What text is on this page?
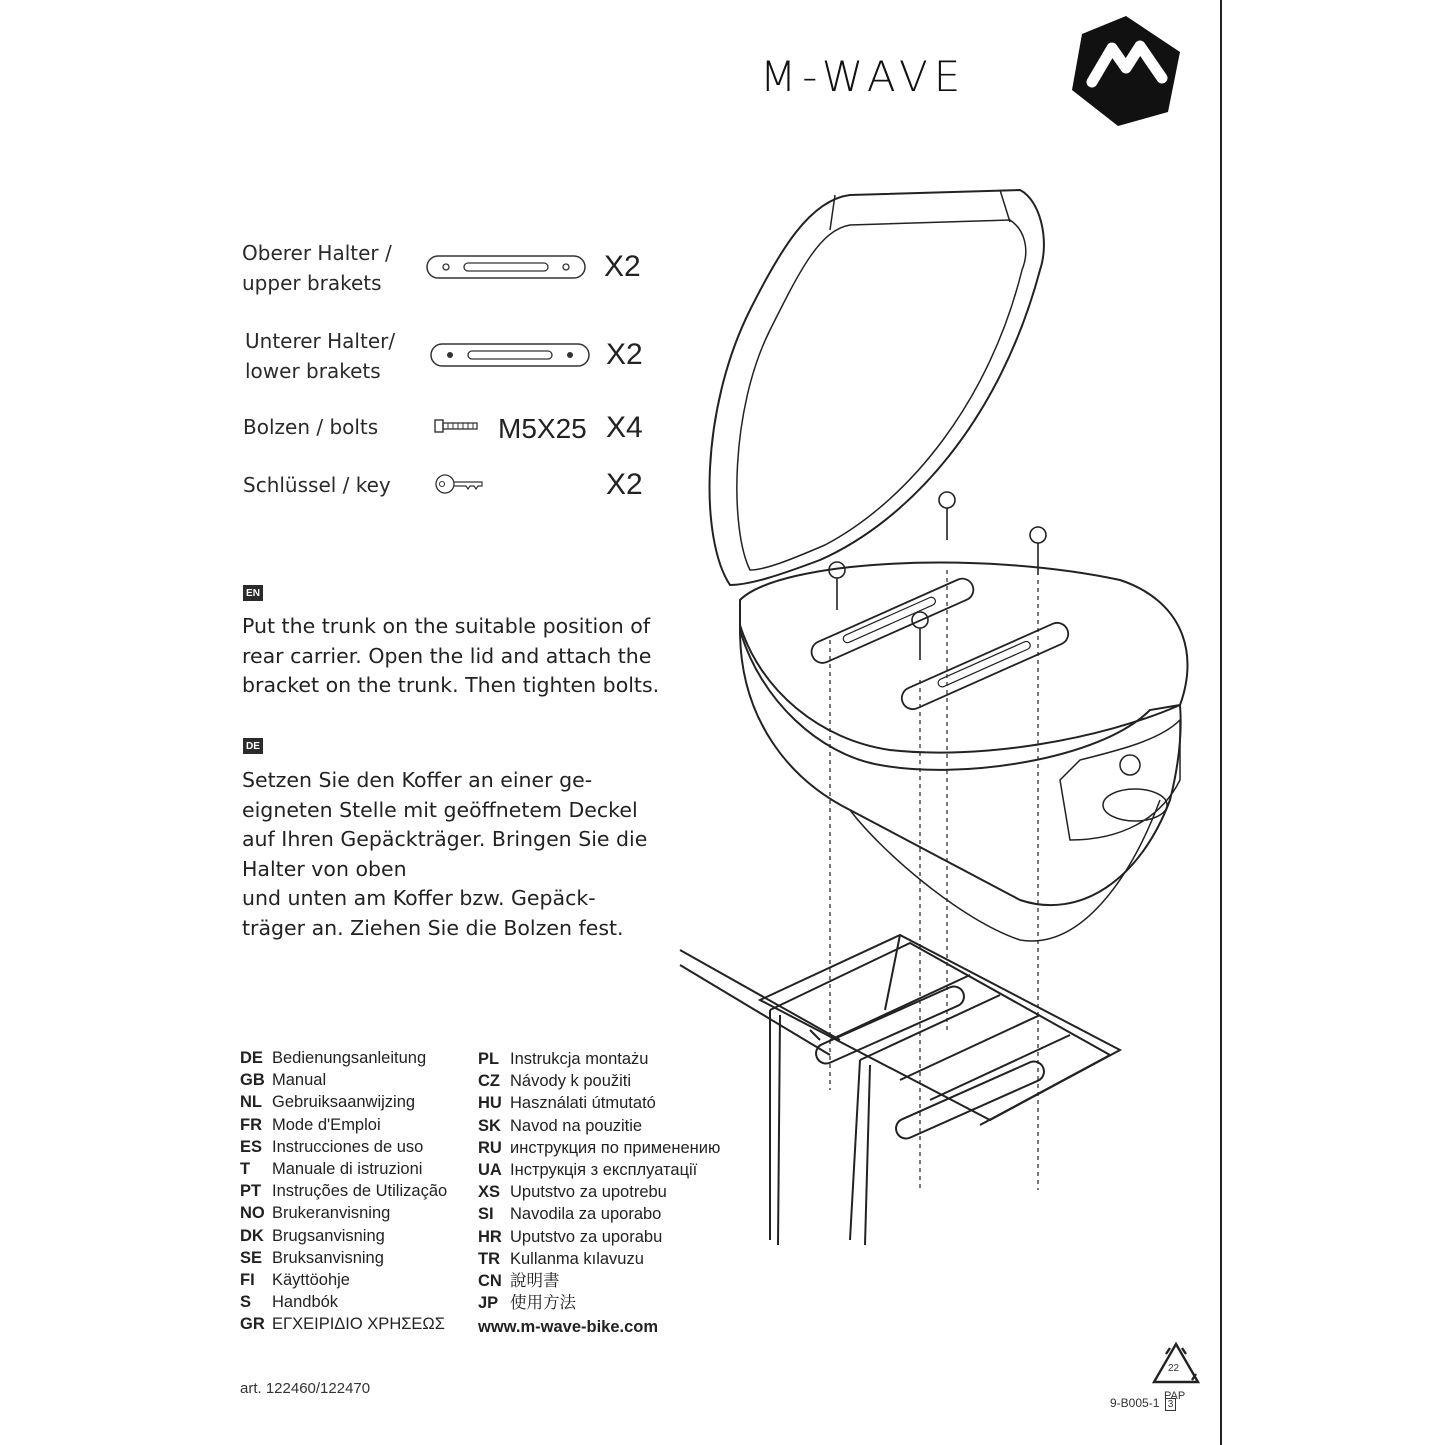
M-WAVE
Oberer Halter /
upper brakets	X2
Unterer Halter/
lower brakets	X2
Bolzen / bolts	M5X25 X4
Schlüssel / key	X2
EN

Put the trunk on the suitable position of

rear carrier. Open the lid and attach the

bracket on the trunk. Then tighten bolts.

DE

Setzen Sie den Koffer an einer ge-

eigneten Stelle mit geöffnetem Deckel

auf Ihren Gepäckträger. Bringen Sie die

Halter von oben

und unten am Koffer bzw. Gepäck-

träger an. Ziehen Sie die Bolzen fest.

DE Bedienungsanleitung
GB Manual
NL Gebruiksaanwijzing
FR Mode d'Emploi
ES Instrucciones de uso
T	Manuale di istruzioni
PT Instruções de Utilização
NO Brukeranvisning
DK Brugsanvisning
SE Bruksanvisning
FI	Käyttöohje
S	Handbók
GR ΕΓΧΕΙΡΙΔΙΟ ΧΡΗΣΕΩΣ
PL Instrukcja montażu
CZ Návody k použiti
HU Használati útmutató
SK Navod na pouzitie
RU инструкция по применению
UA Інструкція з експлуатації
XS Uputstvo za upotrebu
SI Navodila za uporabo
HR Uputstvo za uporabu
TR Kullanma kılavuzu
CN 說明書
JP 使用方法
www.m-wave-bike.com
art. 122460/122470
22
PAP
9-B005-1 3
